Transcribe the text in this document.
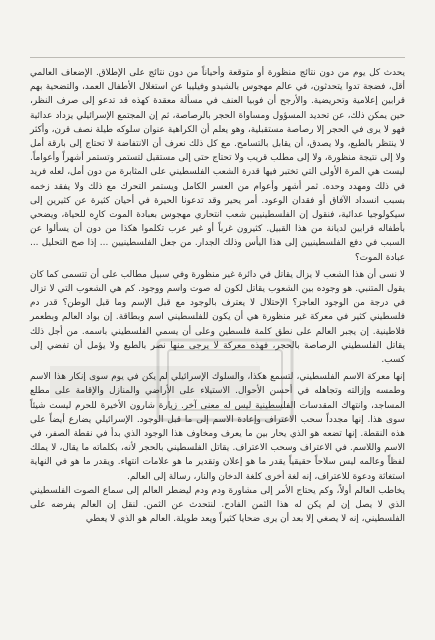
يحدث كل يوم من دون نتائج منظورة أو متوقعة وأحياناً من دون نتائج على الإطلاق. الإضعاف العالمي أقل، فضجة تدوا يتحدثون، في عالم مهجوس بالشيدو وفيليبا عن استغلال الأطفال العمد، والتضحية بهم قرابين إعلامية وتحريضية. والأرجح أن فوبيا العنف في مسألة معقدة كهذه قد تدعو إلى صرف النظر، حين يمكن ذلك، عن تحديد المسؤول ومساواة الحجر بالرصاصة، ثم إن المجتمع الإسرائيلي يزداد عدائية فهو لا يرى في الحجر إلا رصاصة مستقبلية، وهو يعلم أن الكراهية عنوان سلوكه طيلة نصف قرن، وأكثر لا ينتظر بالطبع، ولا يصدق، أن يقابل بالتسامح. مع كل ذلك نعرف أن الانتفاضة لا تحتاج إلى بارقة أمل ولا إلى نتيجة منظورة، ولا إلى مطلب قريب ولا تحتاج حتى إلى مستقبل لتستمر وتستمر أشهراً وأعواماً. ليست هي المرة الأولى التي تختبر فيها قدرة الشعب الفلسطيني على المثابرة من دون أمل، لعله فريد في ذلك ومهدد وحده. ثمر أشهر وأعوام من العسر الكامل ويستمر التحرك مع ذلك ولا يفقد زخمه بسبب انسداد الآفاق أو فقدان الوعود. أمر يحير وقد تدعونا الحيرة في أحيان كثيرة عن كثيرين إلى سيكولوجيا عدائية، فنقول إن الفلسطينيين شعب انتحاري مهجوس بعبادة الموت كارِه للحياة، ويضحي بأطفاله قرابين لديانة من هذا القبيل. كثيرون غرباً أو غير عرب تكلموا هكذا من دون أن يسألوا عن السبب في دفع الفلسطينيين إلى هذا اليأس وذلك الجدار. من جعل الفلسطينيين ... إذا صح التحليل ... عبادة الموت؟

لا نسى أن هذا الشعب لا يزال يقاتل في دائرة غير منظورة وفي سبيل مطالب على أن تتسمى كما كان يقول المتنبي. هو وجوده بين الشعوب يقاتل لكون له صوت واسم ووجود. كم هي الشعوب التي لا تزال في درجة من الوجود العاجز؟ الإحتلال لا يعترف بالوجود مع قبل الإسم وما قبل الوطن؟ قدر دم فلسطيني كثير في معركة غير منظورة هي أن يكون للفلسطيني اسم وبطاقة. إن بواد العالم وبطعمر فلاطينية. إن يجبر العالم على نطق كلمة فلسطين وعلى أن يسمي الفلسطيني باسمه. من أجل ذلك يقاتل الفلسطيني الرصاصة بالحجر، فهذه معركة لا يرجى منها نصر بالطبع ولا يؤمل أن تفضي إلى كسب.

إنها معركة الاسم الفلسطيني، لتسمع هكذا، والسلوك الإسرائيلي لم يكن في يوم سوى إنكار هذا الاسم وطمسه وإزالته وتجاهله في أحسن الأحوال. الاستيلاء على الأراضي والمنازل والإقامة على مطلع المساجد، وانتهاك المقدسات الفلسطينية ليس له معنى آخر. زيارة شارون الأخيرة للحرم ليست شيئاً سوى هذا. إنها مجدداً سحب الاعتراف وإعادة الاسم إلى ما قبل الوجود. الإسرائيلي يضارع أيضاً على هذه النقطة. إنها تضعه هو الذي يحار بين ما يعرف ومخاوف هذا الوجود الذي بدأ في نقطة الصفر، في الاسم واللاسم. في الاعتراف وسحب الاعتراف. يقاتل الفلسطيني بالحجر لأنه، بكلماته ما يقال، لا يملك لفظاً وعالمه ليس سلاحاً حقيقياً يقدر ما هو إعلان وتقدير ما هو علامات انتهاء. ويقدر ما هو في النهاية استغاثة ودعوة للاعتراف، إنه لغة أخرى كلغة الدخان والنار، رسالة إلى العالم.

يخاطب العالم أولاً، وكم يحتاج الأمر إلى مشاورة ودم ودم ليضطر العالم إلى سماع الصوت الفلسطيني الذي لا يصل إن لم يكن له هذا الثمن الفادح. لنتحدث عن الثمن. لنقل إن العالم يفرضه على الفلسطيني، إنه لا يصغي إلا بعد أن يرى ضحايا كثيراً ويعد طويلة. العالم هو الذي لا يعطي
